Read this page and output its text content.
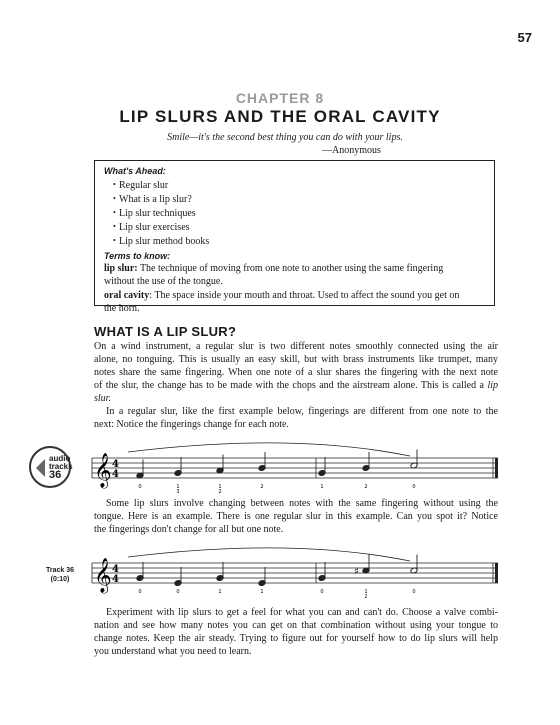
57
CHAPTER 8
LIP SLURS AND THE ORAL CAVITY
Smile—it's the second best thing you can do with your lips.
—Anonymous
What's Ahead:
• Regular slur
• What is a lip slur?
• Lip slur techniques
• Lip slur exercises
• Lip slur method books
Terms to know:
lip slur: The technique of moving from one note to another using the same fingering
without the use of the tongue.
oral cavity: The space inside your mouth and throat. Used to affect the sound you get on
the horn.
WHAT IS A LIP SLUR?
On a wind instrument, a regular slur is two different notes smoothly connected using the air
alone, no tonguing. This is usually an easy skill, but with brass instruments like trumpet, many
notes share the same fingering. When one note of a slur shares the fingering with the next note
of the slur, the change has to be made with the chops and the airstream alone. This is called a lip
slur.
In a regular slur, like the first example below, fingerings are different from one note to the
next: Notice the fingerings change for each note.
audio
tracks
36 𝄞 4
4
0	1
3
1
2
2	1	2	0
Some lip slurs involve changing between notes with the same fingering without using the
tongue. Here is an example. There is one regular slur in this example. Can you spot it? Notice
the fingerings don't change for all but one note.
Track 36
(0:10) 𝄞 4
4
0	0	1	1	0
♯
1
2
0
Experiment with lip slurs to get a feel for what you can and can't do. Choose a valve combi-
nation and see how many notes you can get on that combination without using your tongue to
change notes. Keep the air steady. Trying to figure out for yourself how to do lip slurs will help
you understand what you need to learn.
